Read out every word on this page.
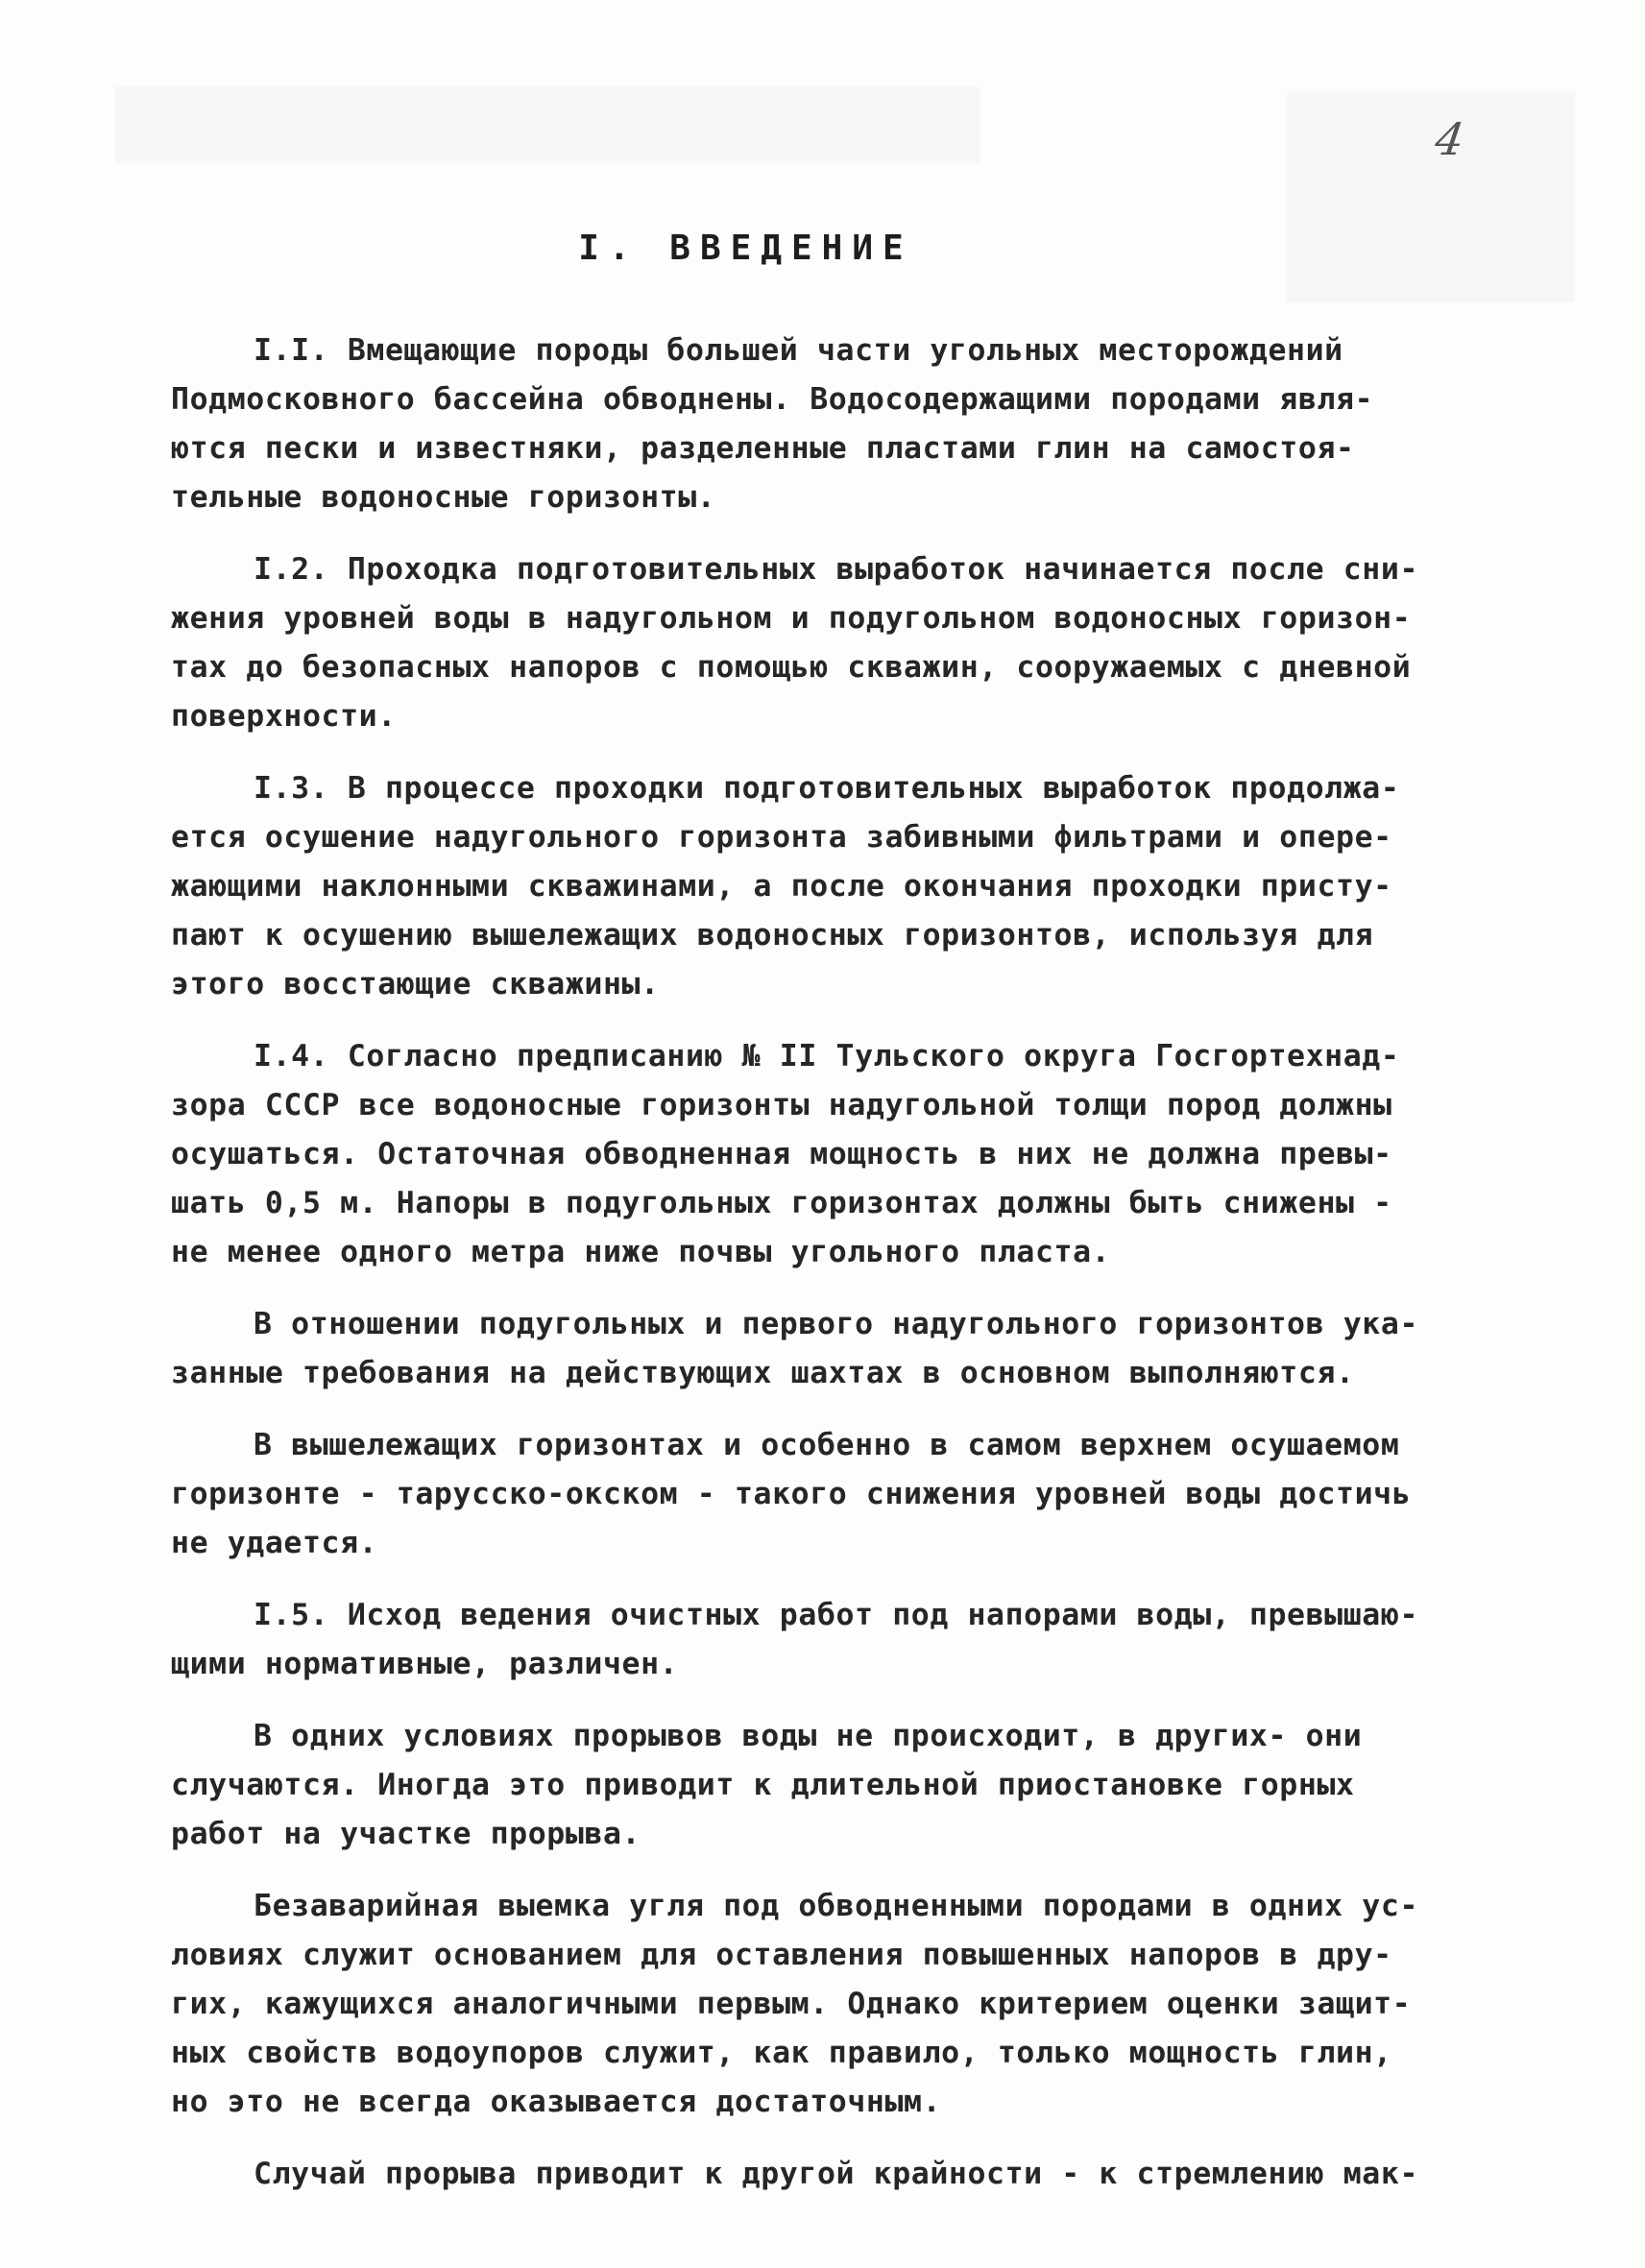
4
I. ВВЕДЕНИЕ
I.I. Вмещающие породы большей части угольных месторождений
Подмосковного бассейна обводнены. Водосодержащими породами явля-
ются пески и известняки, разделенные пластами глин на самостоя-
тельные водоносные горизонты.
I.2. Проходка подготовительных выработок начинается после сни-
жения уровней воды в надугольном и подугольном водоносных горизон-
тах до безопасных напоров с помощью скважин, сооружаемых с дневной
поверхности.
I.3. В процессе проходки подготовительных выработок продолжа-
ется осушение надугольного горизонта забивными фильтрами и опере-
жающими наклонными скважинами, а после окончания проходки присту-
пают к осушению вышележащих водоносных горизонтов, используя для
этого восстающие скважины.
I.4. Согласно предписанию № II Тульского округа Госгортехнад-
зора СССР все водоносные горизонты надугольной толщи пород должны
осушаться. Остаточная обводненная мощность в них не должна превы-
шать 0,5 м. Напоры в подугольных горизонтах должны быть снижены -
не менее одного метра ниже почвы угольного пласта.
В отношении подугольных и первого надугольного горизонтов ука-
занные требования на действующих шахтах в основном выполняются.
В вышележащих горизонтах и особенно в самом верхнем осушаемом
горизонте - тарусско-окском - такого снижения уровней воды достичь
не удается.
I.5. Исход ведения очистных работ под напорами воды, превышаю-
щими нормативные, различен.
В одних условиях прорывов воды не происходит, в других- они
случаются. Иногда это приводит к длительной приостановке горных
работ на участке прорыва.
Безаварийная выемка угля под обводненными породами в одних ус-
ловиях служит основанием для оставления повышенных напоров в дру-
гих, кажущихся аналогичными первым. Однако критерием оценки защит-
ных свойств водоупоров служит, как правило, только мощность глин,
но это не всегда оказывается достаточным.
Случай прорыва приводит к другой крайности - к стремлению мак-
